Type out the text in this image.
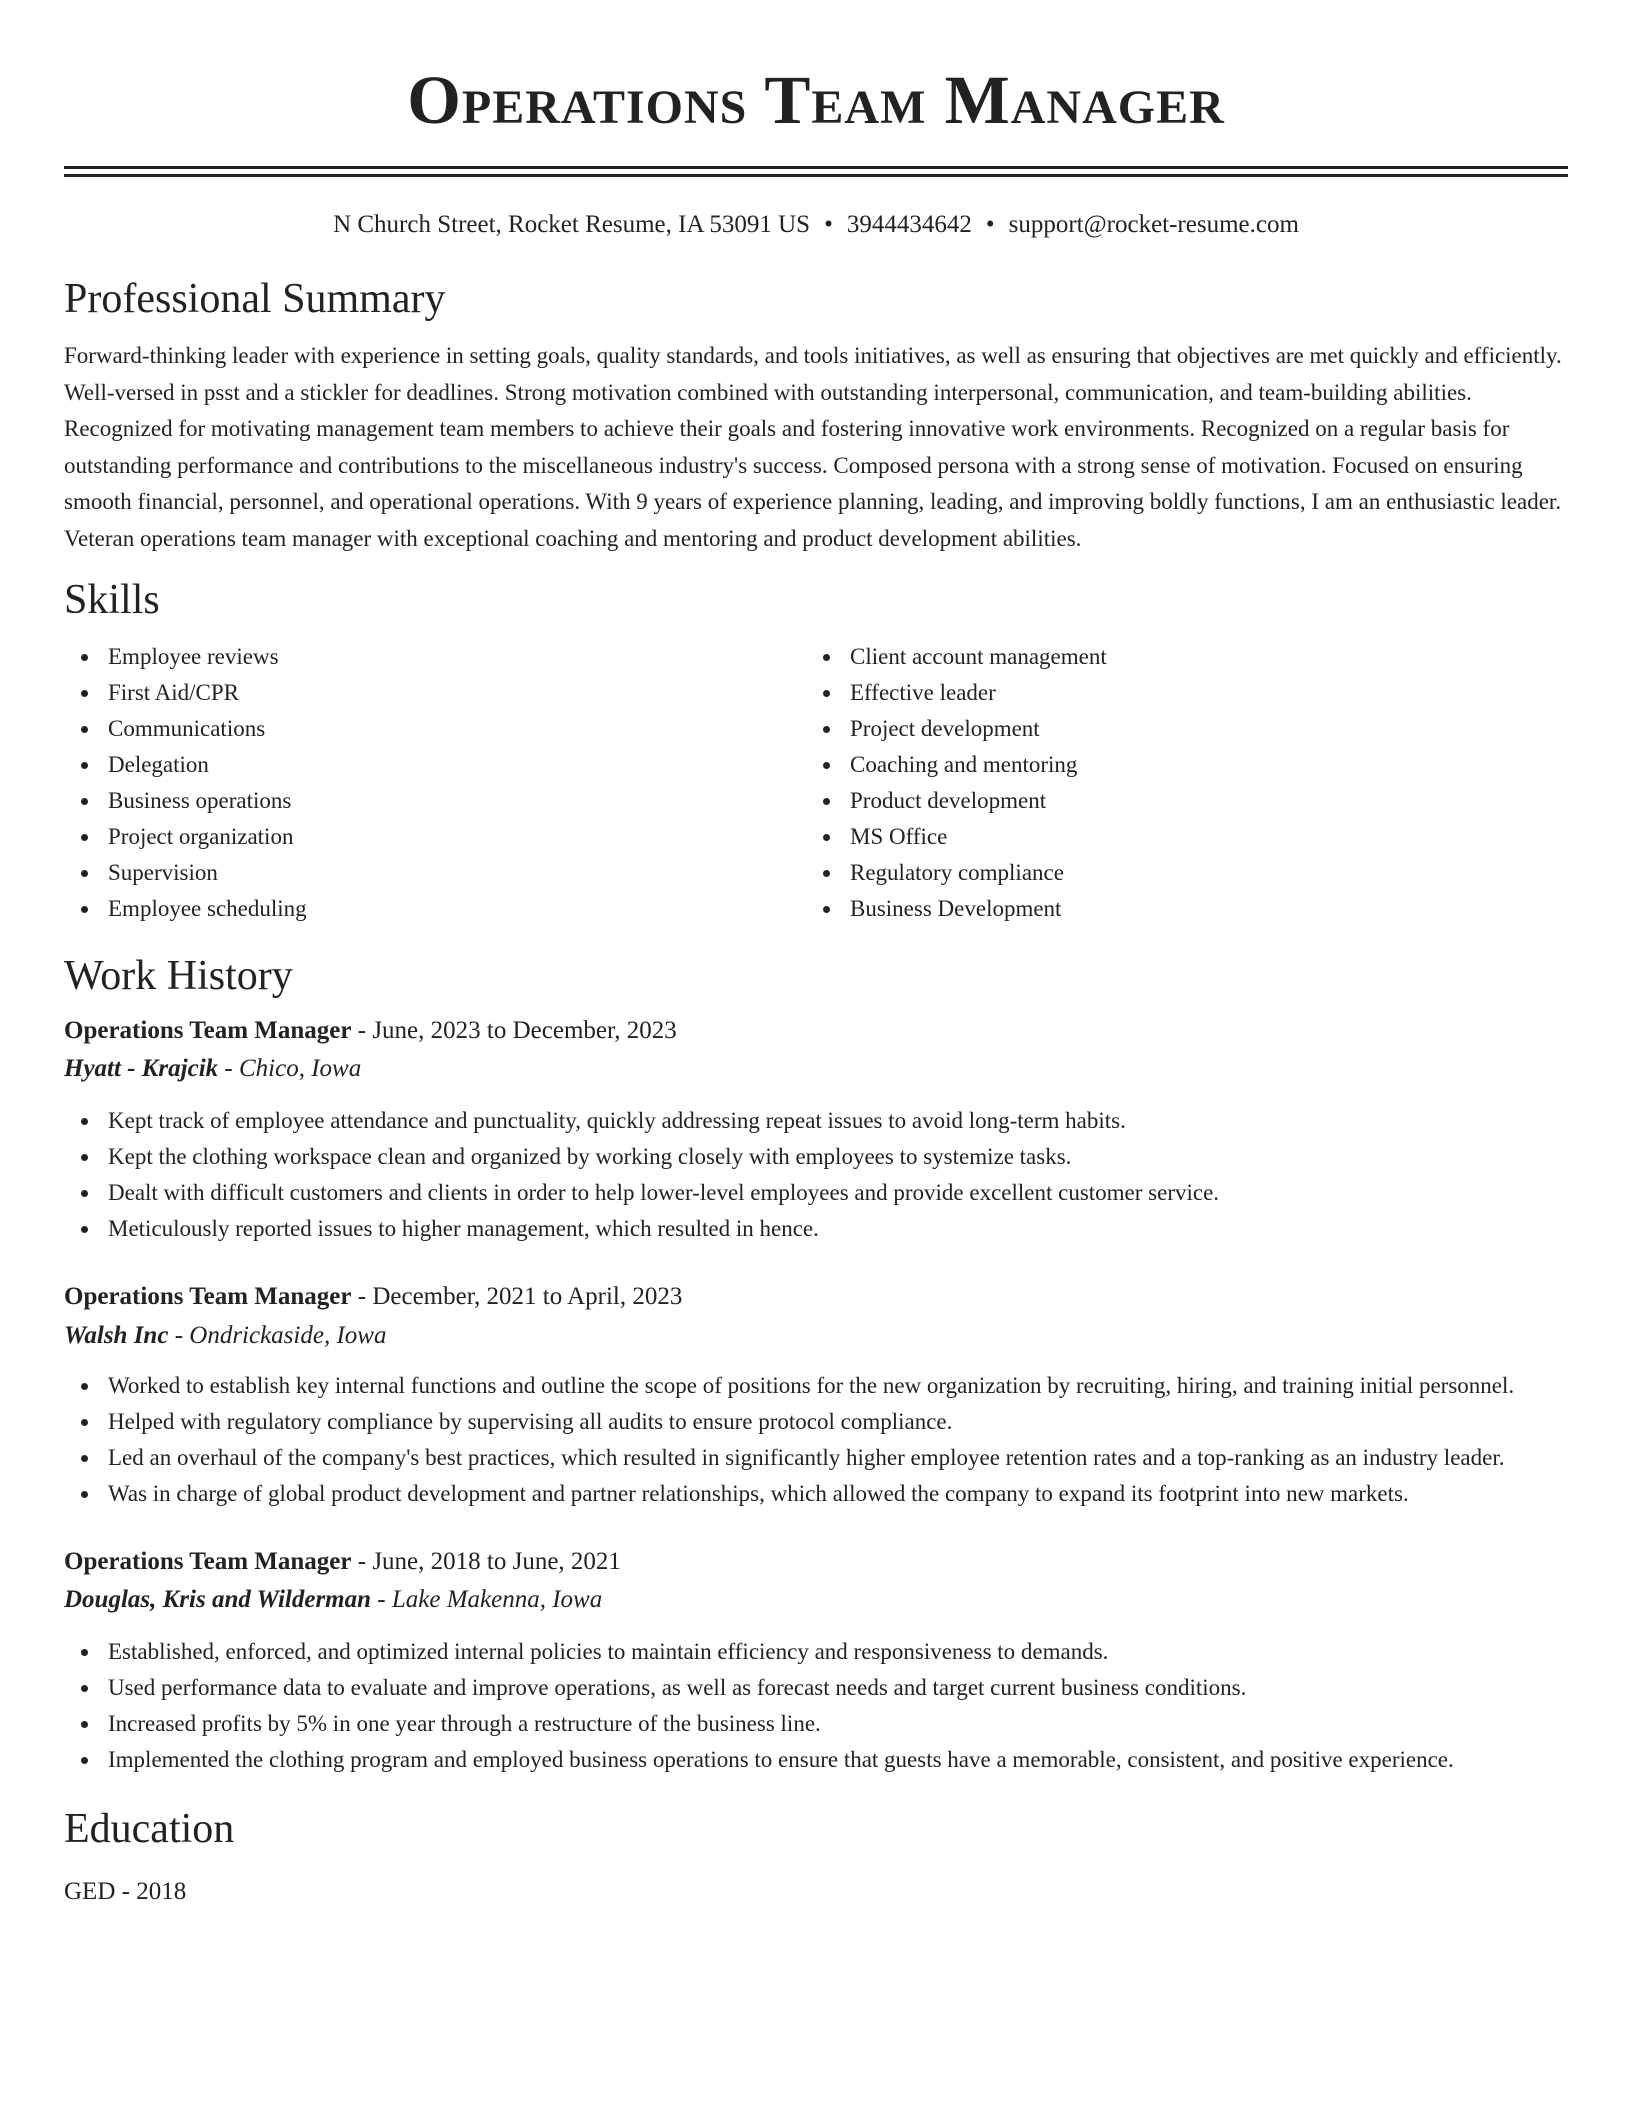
Operations Team Manager
N Church Street, Rocket Resume, IA 53091 US • 3944434642 • support@rocket-resume.com
Professional Summary

Forward-thinking leader with experience in setting goals, quality standards, and tools initiatives, as well as ensuring that objectives are met quickly and efficiently. Well-versed in psst and a stickler for deadlines. Strong motivation combined with outstanding interpersonal, communication, and team-building abilities. Recognized for motivating management team members to achieve their goals and fostering innovative work environments. Recognized on a regular basis for outstanding performance and contributions to the miscellaneous industry's success. Composed persona with a strong sense of motivation. Focused on ensuring smooth financial, personnel, and operational operations. With 9 years of experience planning, leading, and improving boldly functions, I am an enthusiastic leader. Veteran operations team manager with exceptional coaching and mentoring and product development abilities.

Skills
Employee reviews
First Aid/CPR
Communications
Delegation
Business operations
Project organization
Supervision
Employee scheduling
Client account management
Effective leader
Project development
Coaching and mentoring
Product development
MS Office
Regulatory compliance
Business Development
Work History
Operations Team Manager - June, 2023 to December, 2023
Hyatt - Krajcik - Chico, Iowa
Kept track of employee attendance and punctuality, quickly addressing repeat issues to avoid long-term habits.
Kept the clothing workspace clean and organized by working closely with employees to systemize tasks.
Dealt with difficult customers and clients in order to help lower-level employees and provide excellent customer service.
Meticulously reported issues to higher management, which resulted in hence.
Operations Team Manager - December, 2021 to April, 2023
Walsh Inc - Ondrickaside, Iowa
Worked to establish key internal functions and outline the scope of positions for the new organization by recruiting, hiring, and training initial personnel.
Helped with regulatory compliance by supervising all audits to ensure protocol compliance.
Led an overhaul of the company's best practices, which resulted in significantly higher employee retention rates and a top-ranking as an industry leader.
Was in charge of global product development and partner relationships, which allowed the company to expand its footprint into new markets.
Operations Team Manager - June, 2018 to June, 2021
Douglas, Kris and Wilderman - Lake Makenna, Iowa
Established, enforced, and optimized internal policies to maintain efficiency and responsiveness to demands.
Used performance data to evaluate and improve operations, as well as forecast needs and target current business conditions.
Increased profits by 5% in one year through a restructure of the business line.
Implemented the clothing program and employed business operations to ensure that guests have a memorable, consistent, and positive experience.
Education
GED - 2018
